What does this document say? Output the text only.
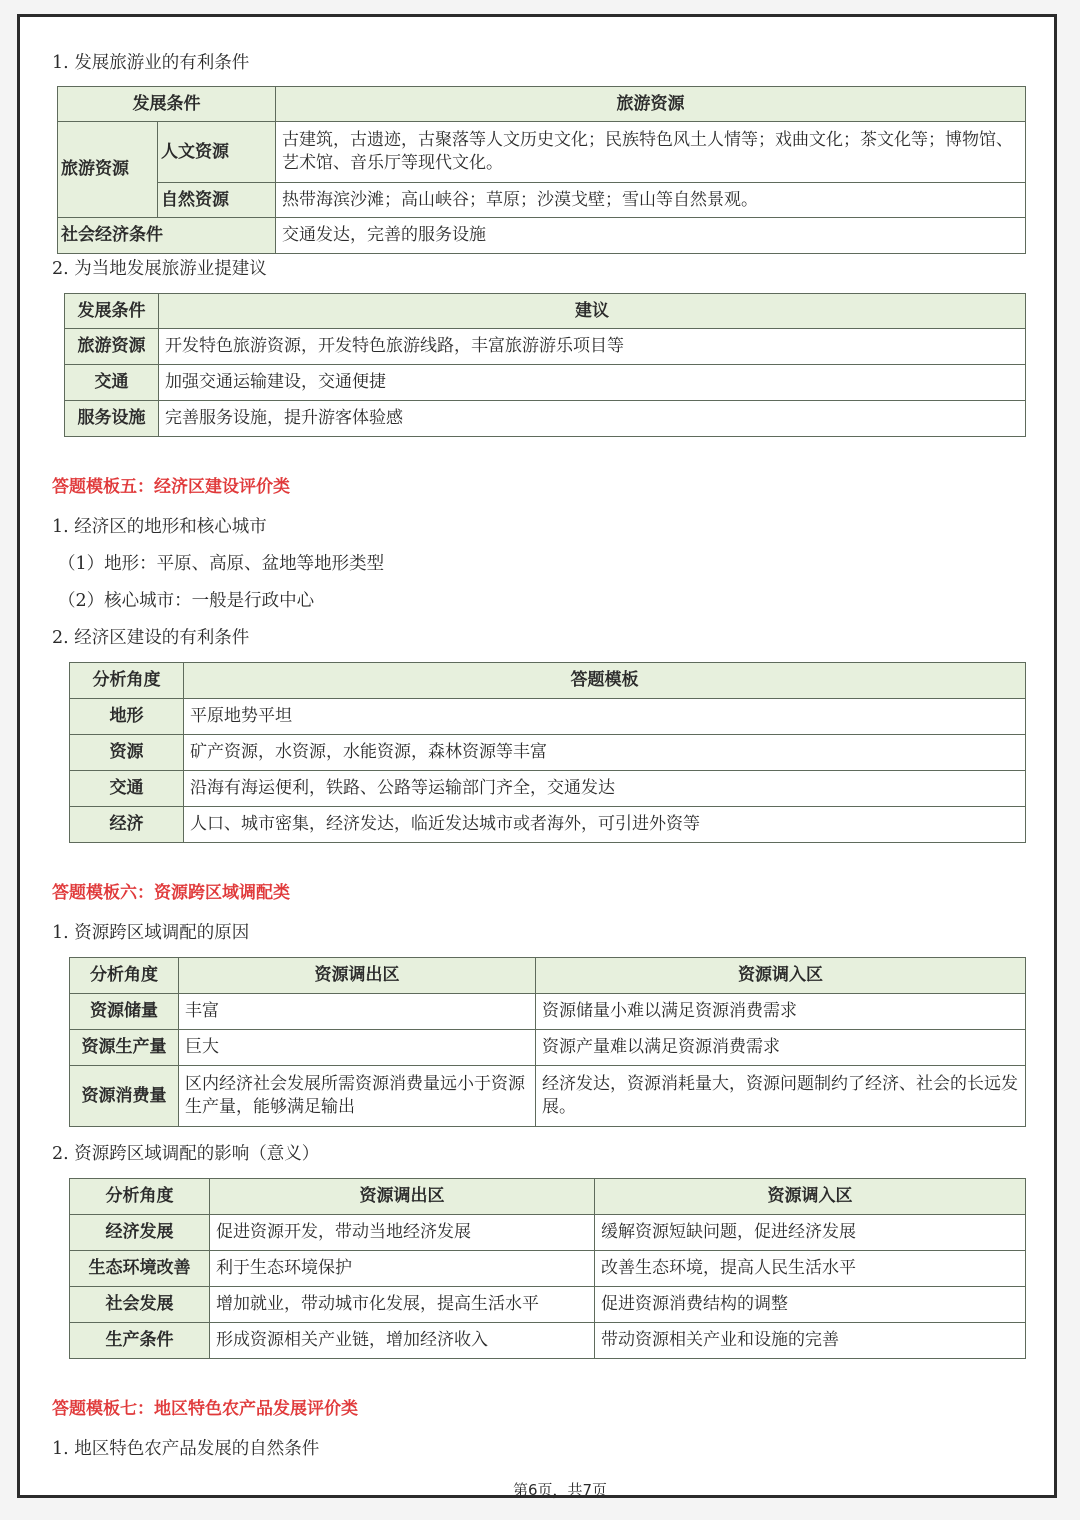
1. 发展旅游业的有利条件
发展条件		旅游资源
旅游资源	人文资源	古建筑，古遗迹，古聚落等人文历史文化；民族特色风土人情等；戏曲文化；茶文化等；博物馆、艺术馆、音乐厅等现代文化。
	自然资源	热带海滨沙滩；高山峡谷；草原；沙漠戈壁；雪山等自然景观。
社会经济条件		交通发达，完善的服务设施
2. 为当地发展旅游业提建议
发展条件	建议
旅游资源	开发特色旅游资源，开发特色旅游线路，丰富旅游游乐项目等
交通	加强交通运输建设，交通便捷
服务设施	完善服务设施，提升游客体验感
答题模板五：经济区建设评价类
1. 经济区的地形和核心城市
（1）地形：平原、高原、盆地等地形类型
（2）核心城市：一般是行政中心
2. 经济区建设的有利条件
分析角度	答题模板
地形	平原地势平坦
资源	矿产资源，水资源，水能资源，森林资源等丰富
交通	沿海有海运便利，铁路、公路等运输部门齐全，交通发达
经济	人口、城市密集，经济发达，临近发达城市或者海外，可引进外资等
答题模板六：资源跨区域调配类
1. 资源跨区域调配的原因
分析角度	资源调出区	资源调入区
资源储量	丰富	资源储量小难以满足资源消费需求
资源生产量	巨大	资源产量难以满足资源消费需求
资源消费量	区内经济社会发展所需资源消费量远小于资源生产量，能够满足输出	经济发达，资源消耗量大，资源问题制约了经济、社会的长远发展。
2. 资源跨区域调配的影响（意义）
分析角度	资源调出区	资源调入区
经济发展	促进资源开发，带动当地经济发展	缓解资源短缺问题，促进经济发展
生态环境改善	利于生态环境保护	改善生态环境，提高人民生活水平
社会发展	增加就业，带动城市化发展，提高生活水平	促进资源消费结构的调整
生产条件	形成资源相关产业链，增加经济收入	带动资源相关产业和设施的完善
答题模板七：地区特色农产品发展评价类
1. 地区特色农产品发展的自然条件
第6页，共7页
